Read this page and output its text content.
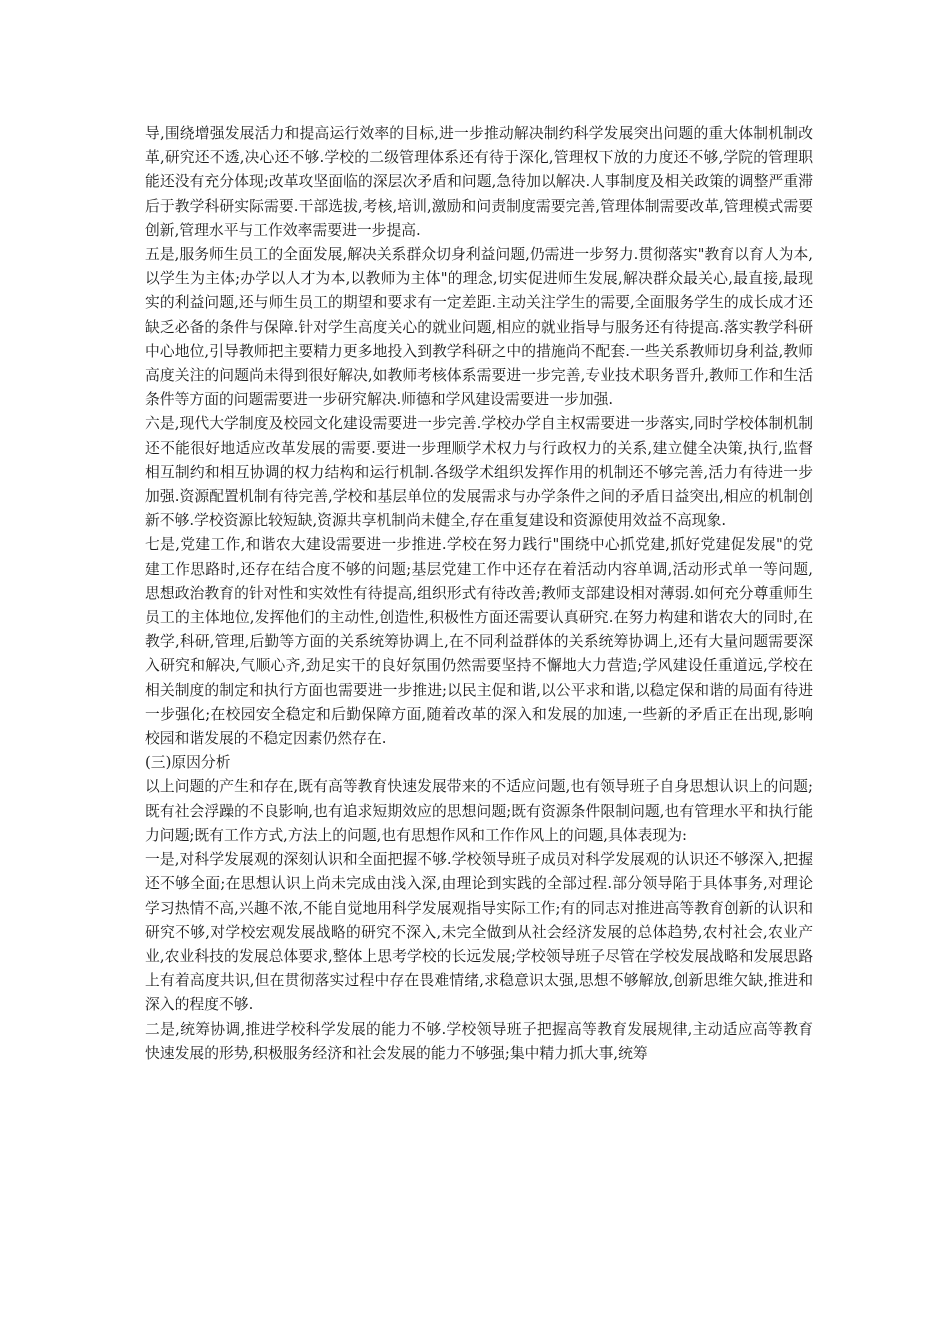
导,围绕增强发展活力和提高运行效率的目标,进一步推动解决制约科学发展突出问题的重大体制机制改革,研究还不透,决心还不够.学校的二级管理体系还有待于深化,管理权下放的力度还不够,学院的管理职能还没有充分体现;改革攻坚面临的深层次矛盾和问题,急待加以解决.人事制度及相关政策的调整严重滞后于教学科研实际需要.干部选拔,考核,培训,激励和问责制度需要完善,管理体制需要改革,管理模式需要创新,管理水平与工作效率需要进一步提高.

五是,服务师生员工的全面发展,解决关系群众切身利益问题,仍需进一步努力.贯彻落实"教育以育人为本,以学生为主体;办学以人才为本,以教师为主体"的理念,切实促进师生发展,解决群众最关心,最直接,最现实的利益问题,还与师生员工的期望和要求有一定差距.主动关注学生的需要,全面服务学生的成长成才还缺乏必备的条件与保障.针对学生高度关心的就业问题,相应的就业指导与服务还有待提高.落实教学科研中心地位,引导教师把主要精力更多地投入到教学科研之中的措施尚不配套.一些关系教师切身利益,教师高度关注的问题尚未得到很好解决,如教师考核体系需要进一步完善,专业技术职务晋升,教师工作和生活条件等方面的问题需要进一步研究解决.师德和学风建设需要进一步加强.

六是,现代大学制度及校园文化建设需要进一步完善.学校办学自主权需要进一步落实,同时学校体制机制还不能很好地适应改革发展的需要.要进一步理顺学术权力与行政权力的关系,建立健全决策,执行,监督相互制约和相互协调的权力结构和运行机制.各级学术组织发挥作用的机制还不够完善,活力有待进一步加强.资源配置机制有待完善,学校和基层单位的发展需求与办学条件之间的矛盾日益突出,相应的机制创新不够.学校资源比较短缺,资源共享机制尚未健全,存在重复建设和资源使用效益不高现象.

七是,党建工作,和谐农大建设需要进一步推进.学校在努力践行"围绕中心抓党建,抓好党建促发展"的党建工作思路时,还存在结合度不够的问题;基层党建工作中还存在着活动内容单调,活动形式单一等问题,思想政治教育的针对性和实效性有待提高,组织形式有待改善;教师支部建设相对薄弱.如何充分尊重师生员工的主体地位,发挥他们的主动性,创造性,积极性方面还需要认真研究.在努力构建和谐农大的同时,在教学,科研,管理,后勤等方面的关系统筹协调上,在不同利益群体的关系统筹协调上,还有大量问题需要深入研究和解决,气顺心齐,劲足实干的良好氛围仍然需要坚持不懈地大力营造;学风建设任重道远,学校在相关制度的制定和执行方面也需要进一步推进;以民主促和谐,以公平求和谐,以稳定保和谐的局面有待进一步强化;在校园安全稳定和后勤保障方面,随着改革的深入和发展的加速,一些新的矛盾正在出现,影响校园和谐发展的不稳定因素仍然存在.

(三)原因分析

以上问题的产生和存在,既有高等教育快速发展带来的不适应问题,也有领导班子自身思想认识上的问题;既有社会浮躁的不良影响,也有追求短期效应的思想问题;既有资源条件限制问题,也有管理水平和执行能力问题;既有工作方式,方法上的问题,也有思想作风和工作作风上的问题,具体表现为:

一是,对科学发展观的深刻认识和全面把握不够.学校领导班子成员对科学发展观的认识还不够深入,把握还不够全面;在思想认识上尚未完成由浅入深,由理论到实践的全部过程.部分领导陷于具体事务,对理论学习热情不高,兴趣不浓,不能自觉地用科学发展观指导实际工作;有的同志对推进高等教育创新的认识和研究不够,对学校宏观发展战略的研究不深入,未完全做到从社会经济发展的总体趋势,农村社会,农业产业,农业科技的发展总体要求,整体上思考学校的长远发展;学校领导班子尽管在学校发展战略和发展思路上有着高度共识,但在贯彻落实过程中存在畏难情绪,求稳意识太强,思想不够解放,创新思维欠缺,推进和深入的程度不够.

二是,统筹协调,推进学校科学发展的能力不够.学校领导班子把握高等教育发展规律,主动适应高等教育快速发展的形势,积极服务经济和社会发展的能力不够强;集中精力抓大事,统筹
